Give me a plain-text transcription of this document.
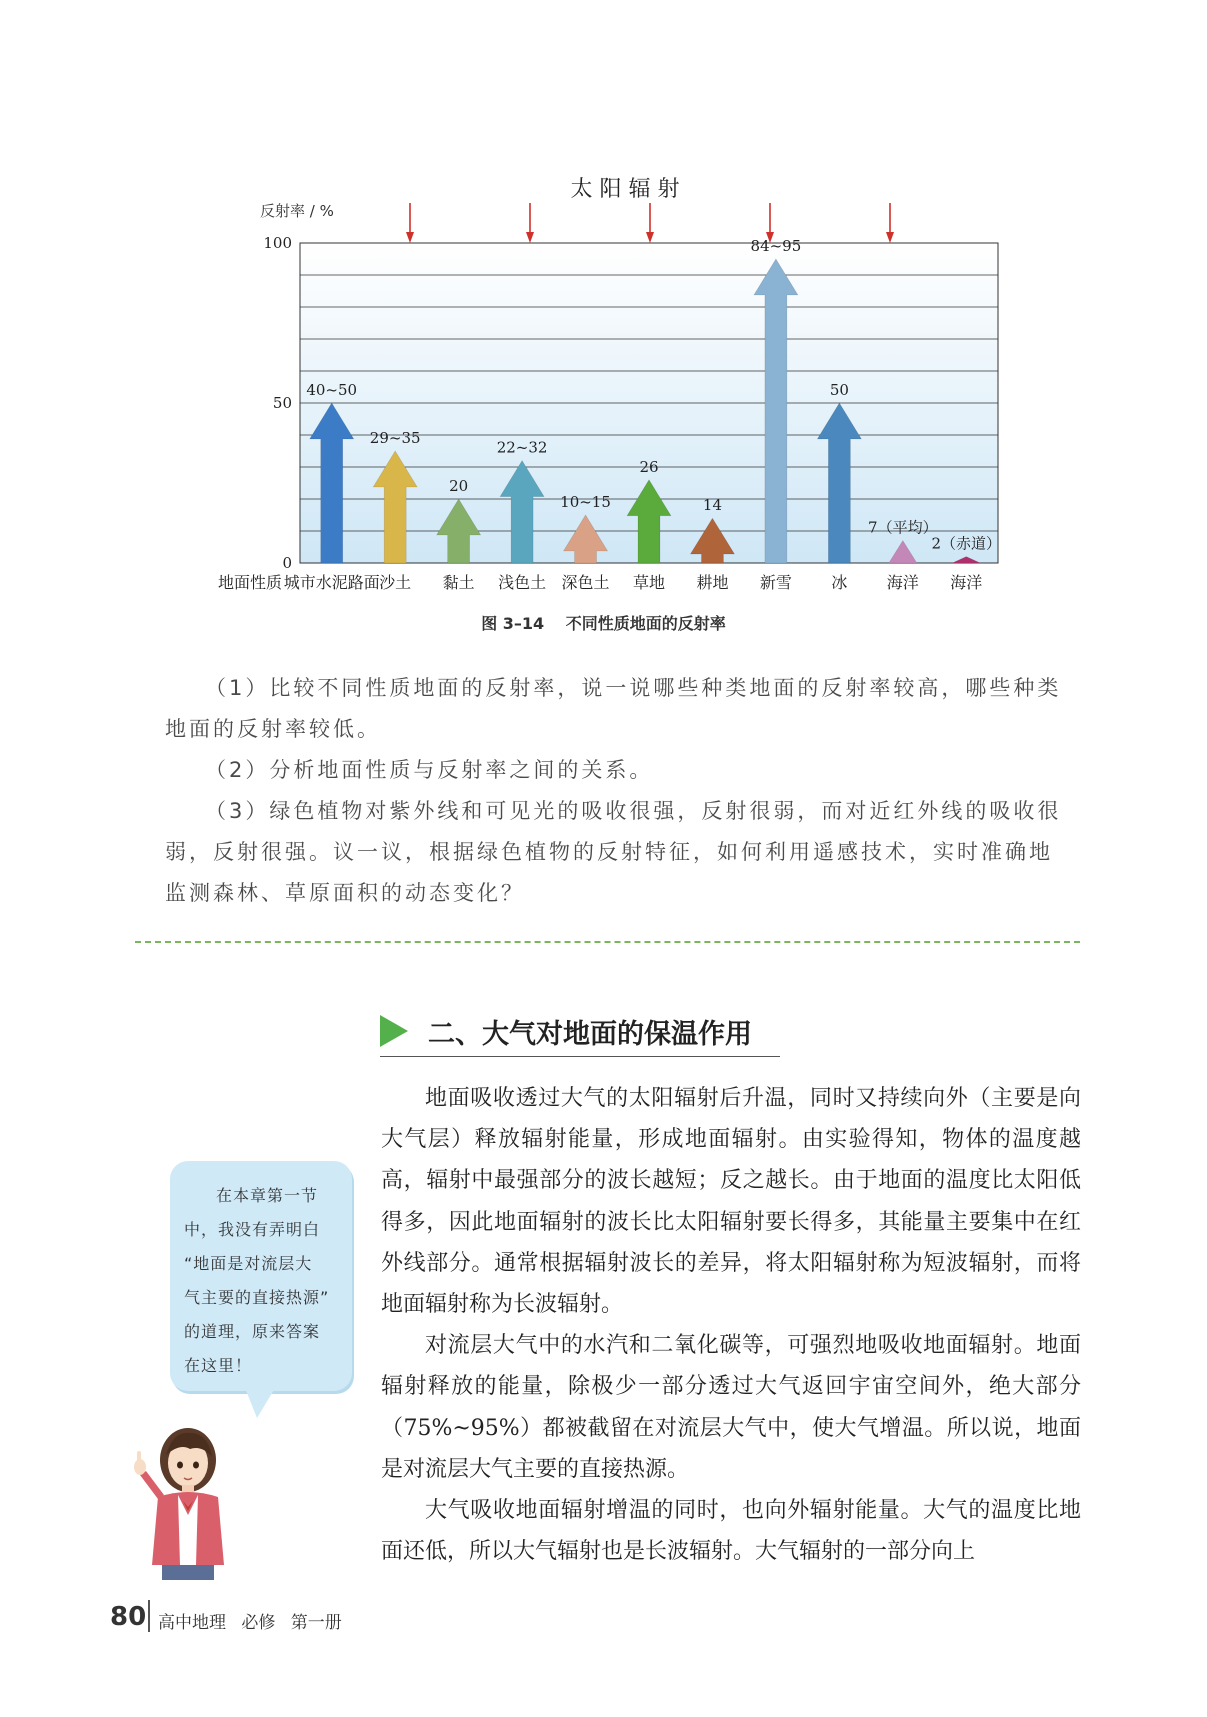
0
50
100
40~50
城市水泥路面
29~35
沙土
20
黏土
22~32
浅色土
10~15
深色土
26
草地
14
耕地
84~95
新雪
50
冰
7（平均）
海洋
2（赤道）
海洋
太 阳 辐 射
反射率 / %
地面性质
图 3–14 不同性质地面的反射率

（1）比较不同性质地面的反射率，说一说哪些种类地面的反射率较高，哪些种类地面的反射率较低。

（2）分析地面性质与反射率之间的关系。

（3）绿色植物对紫外线和可见光的吸收很强，反射很弱，而对近红外线的吸收很弱，反射很强。议一议，根据绿色植物的反射特征，如何利用遥感技术，实时准确地监测森林、草原面积的动态变化？

二、大气对地面的保温作用

地面吸收透过大气的太阳辐射后升温，同时又持续向外（主要是向大气层）释放辐射能量，形成地面辐射。由实验得知，物体的温度越高，辐射中最强部分的波长越短；反之越长。由于地面的温度比太阳低得多，因此地面辐射的波长比太阳辐射要长得多，其能量主要集中在红外线部分。通常根据辐射波长的差异，将太阳辐射称为短波辐射，而将地面辐射称为长波辐射。

对流层大气中的水汽和二氧化碳等，可强烈地吸收地面辐射。地面辐射释放的能量，除极少一部分透过大气返回宇宙空间外，绝大部分（75%~95%）都被截留在对流层大气中，使大气增温。所以说，地面是对流层大气主要的直接热源。

大气吸收地面辐射增温的同时，也向外辐射能量。大气的温度比地面还低，所以大气辐射也是长波辐射。大气辐射的一部分向上

在本章第一节
中，我没有弄明白
“地面是对流层大
气主要的直接热源”
的道理，原来答案
在这里！
80 高中地理 必修 第一册
